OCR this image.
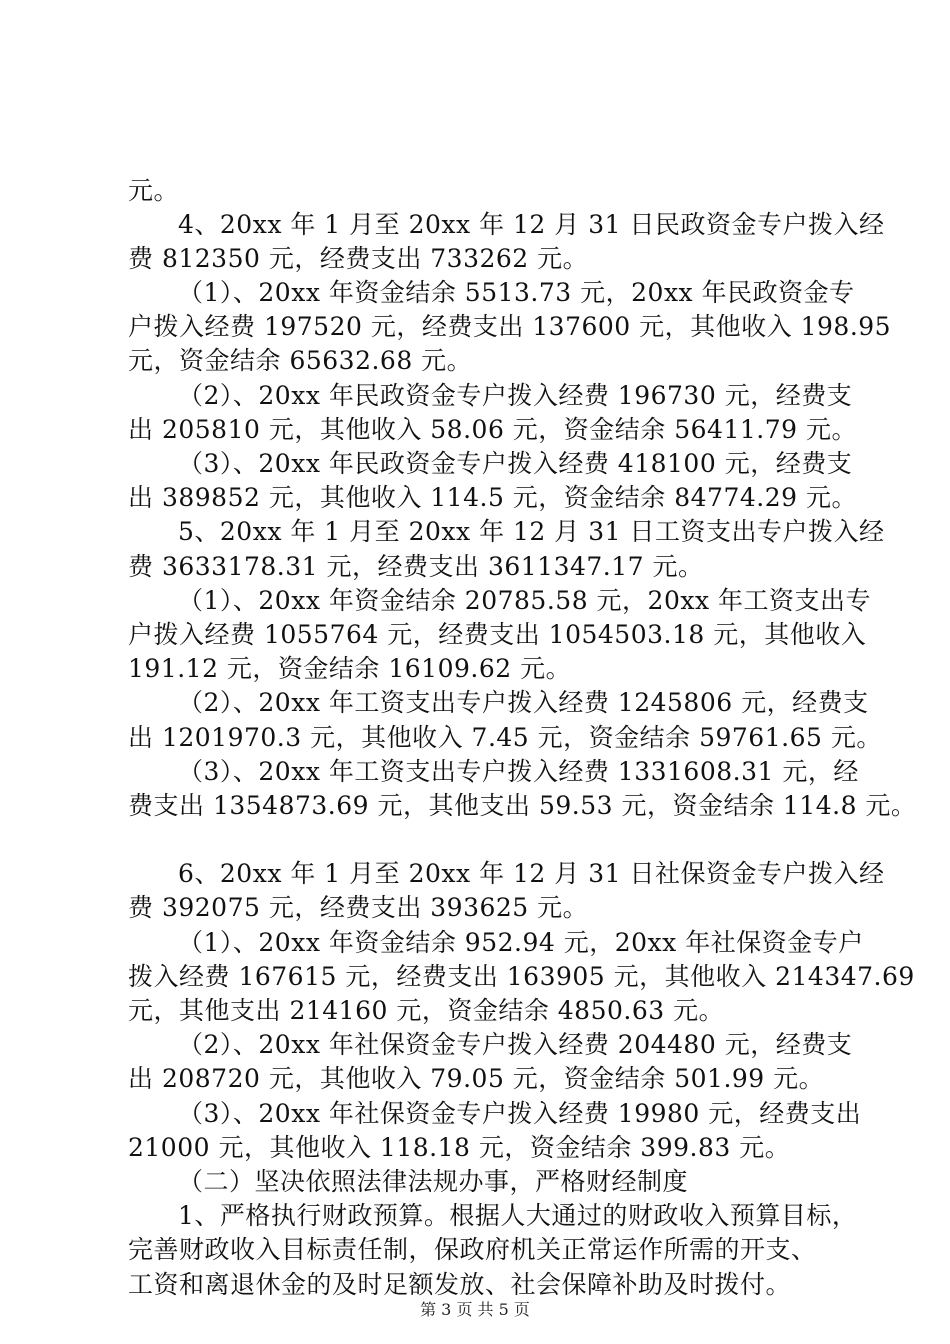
元。
4、20xx 年 1 月至 20xx 年 12 月 31 日民政资金专户拨入经
费 812350 元，经费支出 733262 元。
（1）、20xx 年资金结余 5513.73 元，20xx 年民政资金专
户拨入经费 197520 元，经费支出 137600 元，其他收入 198.95
元，资金结余 65632.68 元。
（2）、20xx 年民政资金专户拨入经费 196730 元，经费支
出 205810 元，其他收入 58.06 元，资金结余 56411.79 元。
（3）、20xx 年民政资金专户拨入经费 418100 元，经费支
出 389852 元，其他收入 114.5 元，资金结余 84774.29 元。
5、20xx 年 1 月至 20xx 年 12 月 31 日工资支出专户拨入经
费 3633178.31 元，经费支出 3611347.17 元。
（1）、20xx 年资金结余 20785.58 元，20xx 年工资支出专
户拨入经费 1055764 元，经费支出 1054503.18 元，其他收入
191.12 元，资金结余 16109.62 元。
（2）、20xx 年工资支出专户拨入经费 1245806 元，经费支
出 1201970.3 元，其他收入 7.45 元，资金结余 59761.65 元。
（3）、20xx 年工资支出专户拨入经费 1331608.31 元，经
费支出 1354873.69 元，其他支出 59.53 元，资金结余 114.8 元。
6、20xx 年 1 月至 20xx 年 12 月 31 日社保资金专户拨入经
费 392075 元，经费支出 393625 元。
（1）、20xx 年资金结余 952.94 元，20xx 年社保资金专户
拨入经费 167615 元，经费支出 163905 元，其他收入 214347.69
元，其他支出 214160 元，资金结余 4850.63 元。
（2）、20xx 年社保资金专户拨入经费 204480 元，经费支
出 208720 元，其他收入 79.05 元，资金结余 501.99 元。
（3）、20xx 年社保资金专户拨入经费 19980 元，经费支出
21000 元，其他收入 118.18 元，资金结余 399.83 元。
（二）坚决依照法律法规办事，严格财经制度
1、严格执行财政预算。根据人大通过的财政收入预算目标，
完善财政收入目标责任制，保政府机关正常运作所需的开支、
工资和离退休金的及时足额发放、社会保障补助及时拨付。
第 3 页 共 5 页
